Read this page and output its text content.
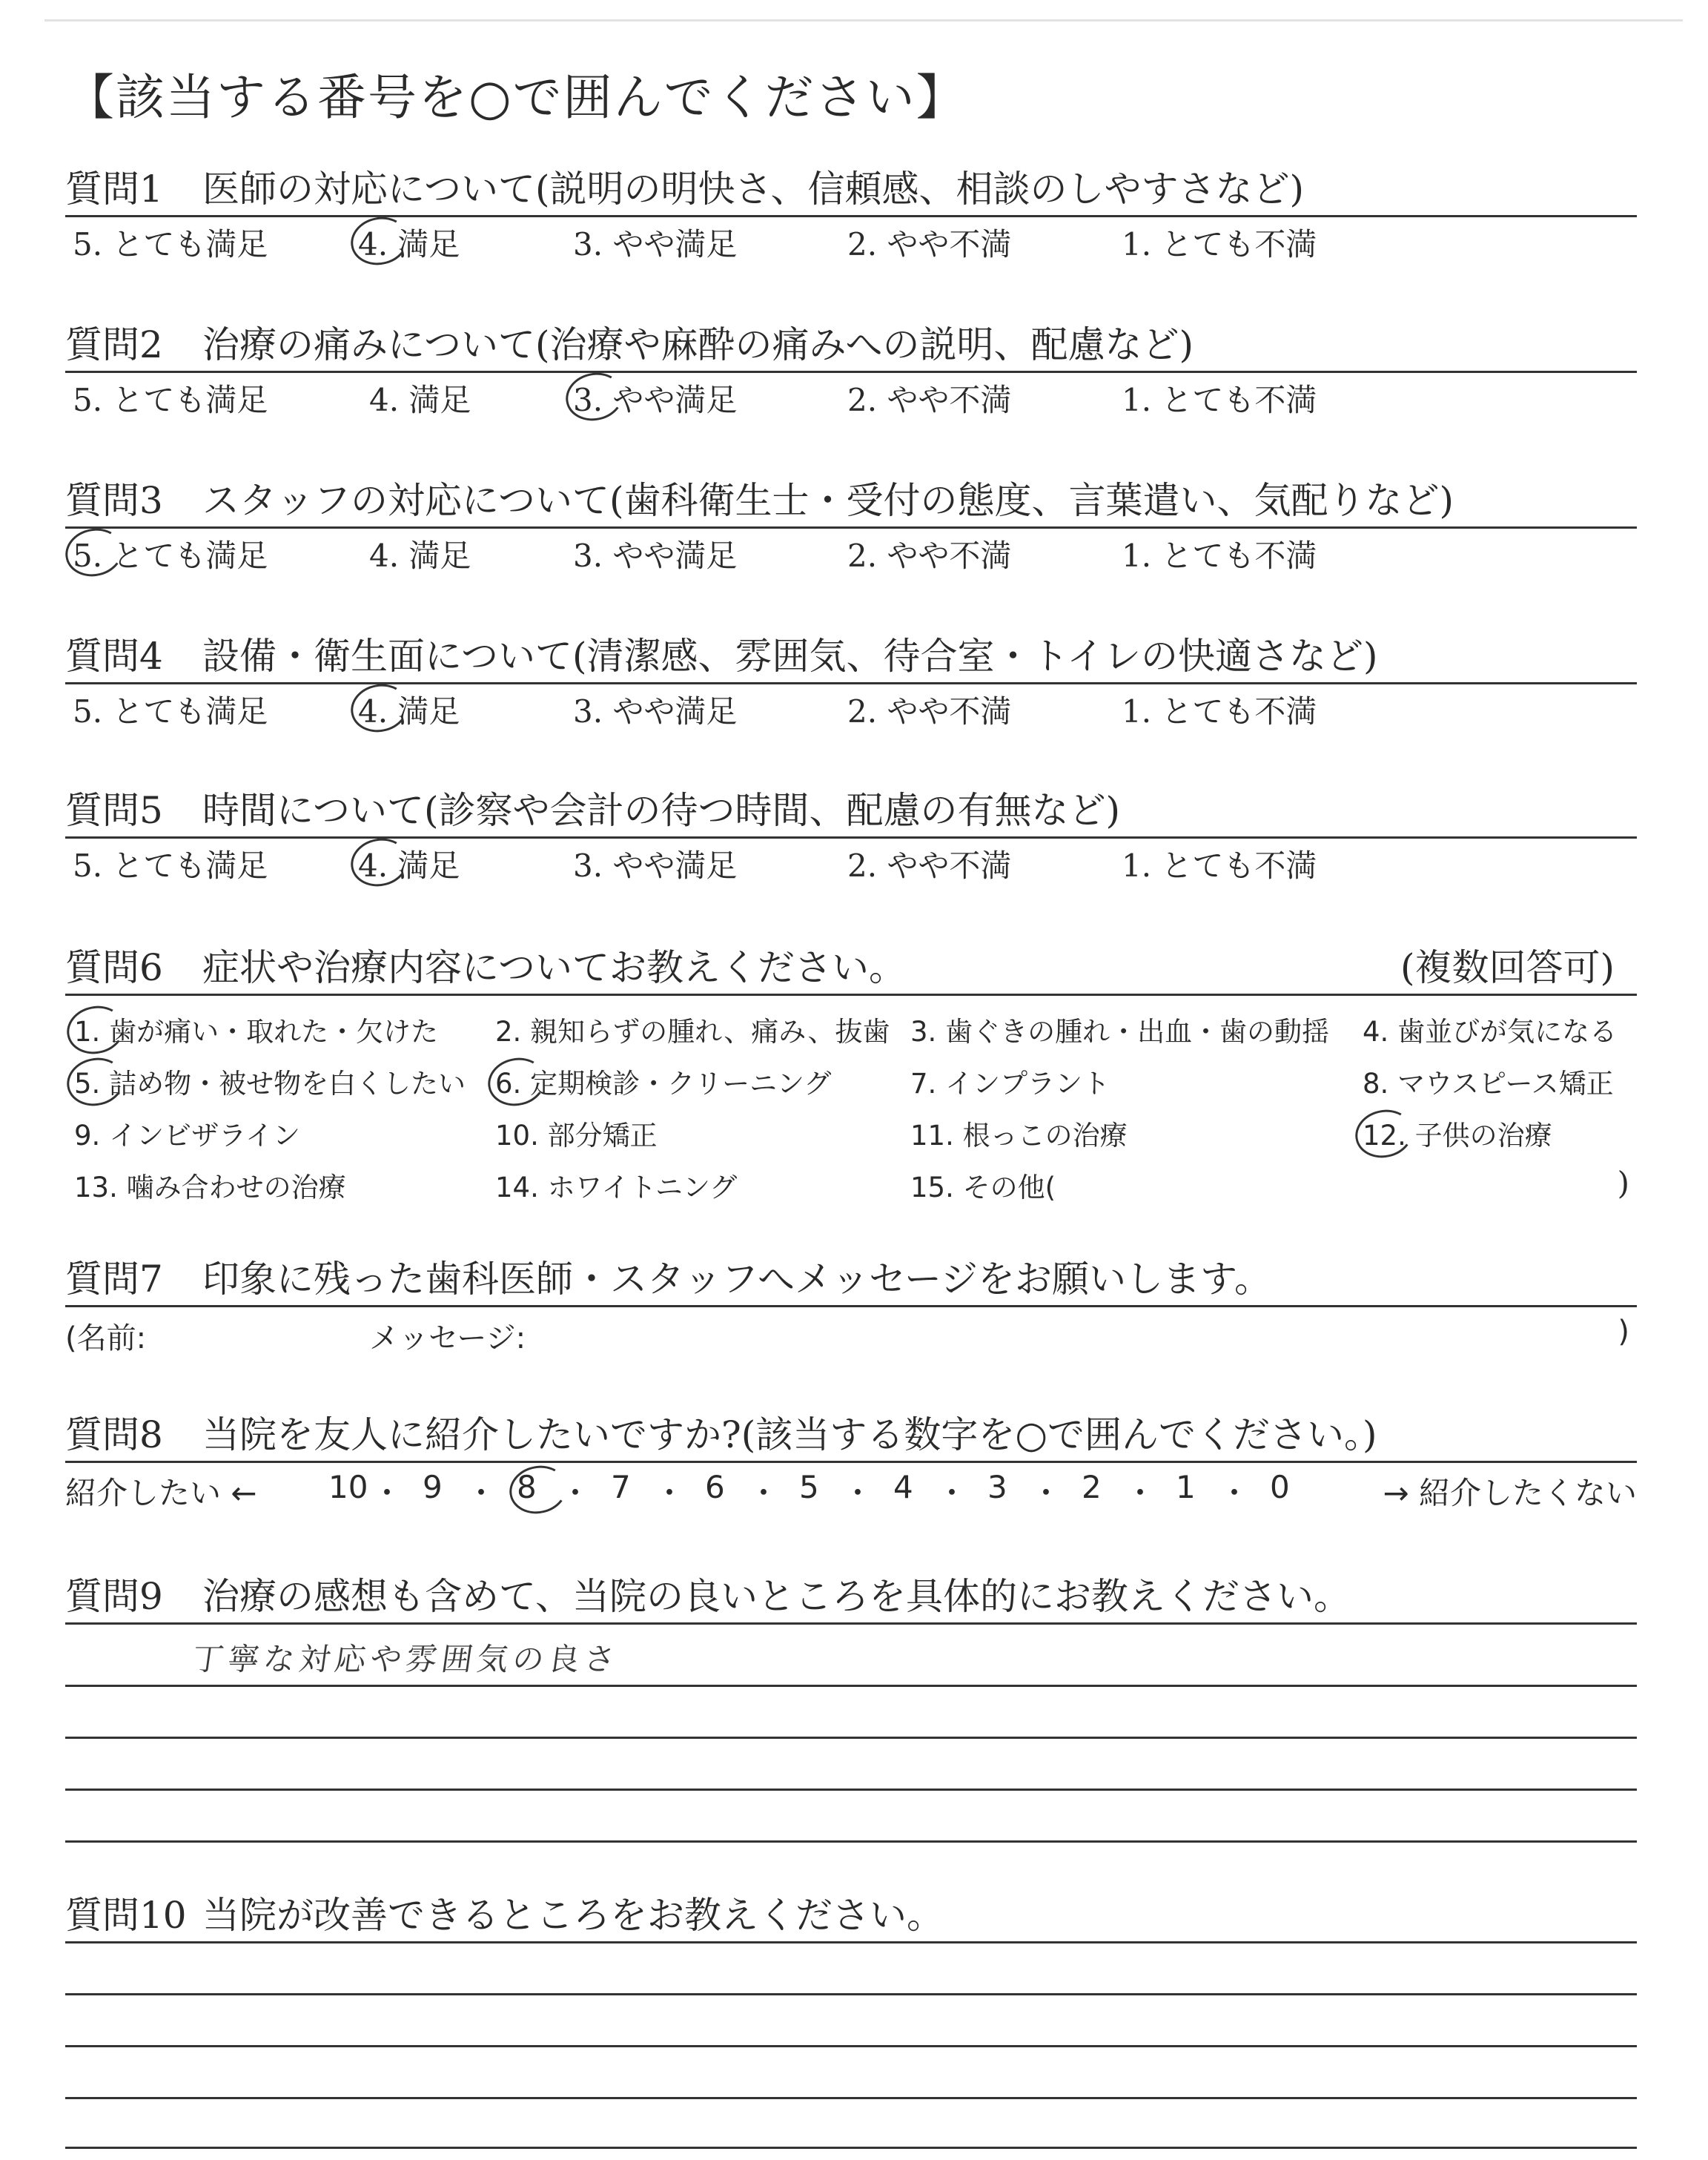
【該当する番号を○で囲んでください】
質問1 医師の対応について(説明の明快さ、信頼感、相談のしやすさなど)
5. とても満足	4. 満足	3. やや満足	2. やや不満	1. とても不満
質問2 治療の痛みについて(治療や麻酔の痛みへの説明、配慮など)
5. とても満足	4. 満足	3. やや満足	2. やや不満	1. とても不満
質問3 スタッフの対応について(歯科衛生士・受付の態度、言葉遣い、気配りなど)
5. とても満足	4. 満足	3. やや満足	2. やや不満	1. とても不満
質問4 設備・衛生面について(清潔感、雰囲気、待合室・トイレの快適さなど)
5. とても満足	4. 満足	3. やや満足	2. やや不満	1. とても不満
質問5 時間について(診察や会計の待つ時間、配慮の有無など)
5. とても満足	4. 満足	3. やや満足	2. やや不満	1. とても不満
質問6 症状や治療内容についてお教えください。	(複数回答可)
1. 歯が痛い・取れた・欠けた 2. 親知らずの腫れ、痛み、抜歯 3. 歯ぐきの腫れ・出血・歯の動揺 4. 歯並びが気になる
5. 詰め物・被せ物を白くしたい 6. 定期検診・クリーニング	7. インプラント	8. マウスピース矯正
9. インビザライン	10. 部分矯正	11. 根っこの治療	12. 子供の治療
13. 噛み合わせの治療	14. ホワイトニング	15. その他(	)
質問7 印象に残った歯科医師・スタッフへメッセージをお願いします。
(名前:	メッセージ:	)
質問8 当院を友人に紹介したいですか?(該当する数字を○で囲んでください。)
紹介したい ←	→ 紹介したくない
10 ・ 9 ・ 8 ・ 7 ・ 6 ・ 5 ・ 4 ・ 3 ・ 2 ・ 1 ・ 0
質問9 治療の感想も含めて、当院の良いところを具体的にお教えください。
丁寧な対応や雰囲気の良さ
質問10 当院が改善できるところをお教えください。
